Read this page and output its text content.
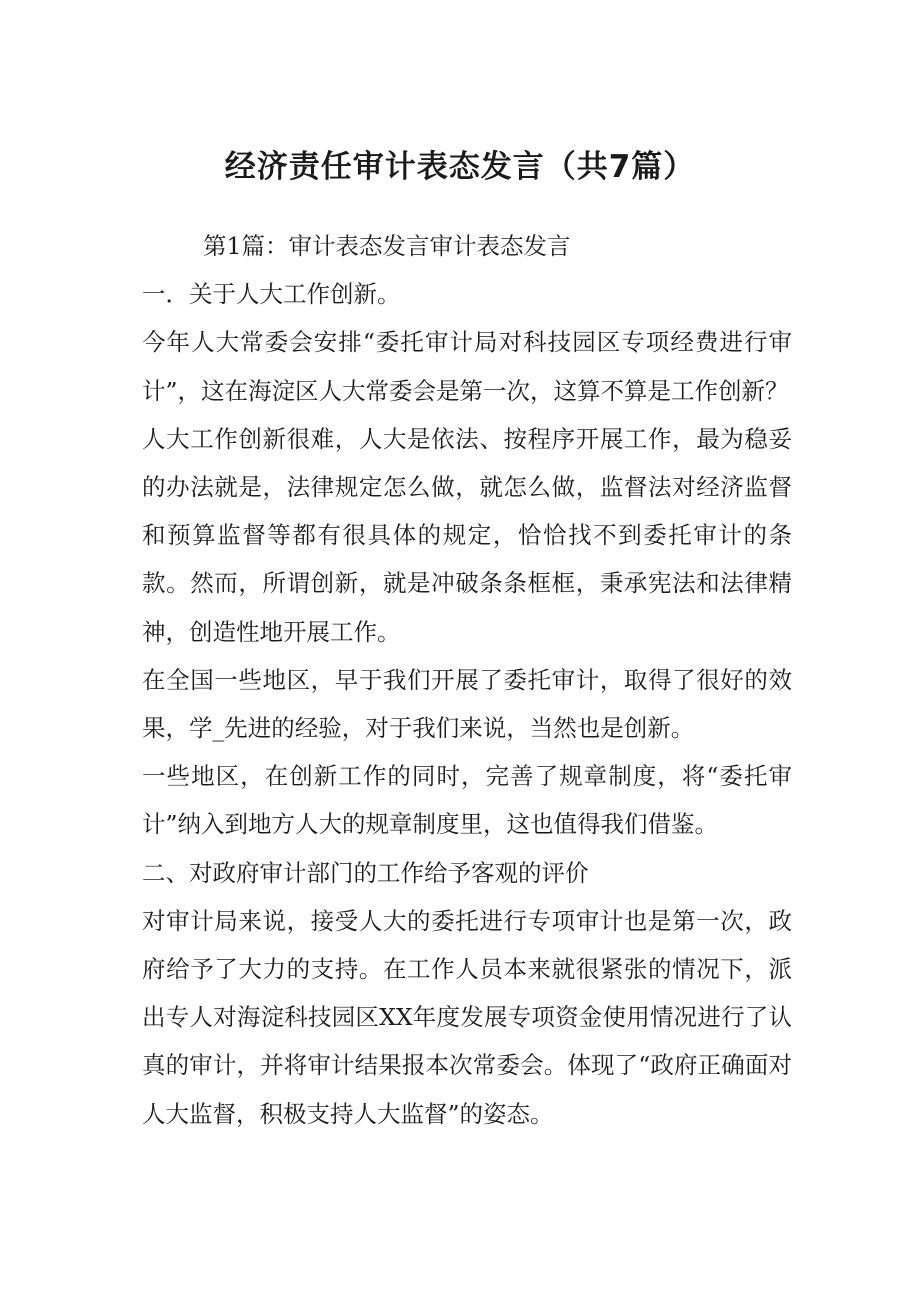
经济责任审计表态发言（共7篇）

第1篇：审计表态发言审计表态发言

一．关于人大工作创新。

今年人大常委会安排“委托审计局对科技园区专项经费进行审计”，这在海淀区人大常委会是第一次，这算不算是工作创新？

人大工作创新很难，人大是依法、按程序开展工作，最为稳妥的办法就是，法律规定怎么做，就怎么做，监督法对经济监督和预算监督等都有很具体的规定，恰恰找不到委托审计的条款。然而，所谓创新，就是冲破条条框框，秉承宪法和法律精神，创造性地开展工作。

在全国一些地区，早于我们开展了委托审计，取得了很好的效果，学_先进的经验，对于我们来说，当然也是创新。

一些地区，在创新工作的同时，完善了规章制度，将“委托审计”纳入到地方人大的规章制度里，这也值得我们借鉴。

二、对政府审计部门的工作给予客观的评价

对审计局来说，接受人大的委托进行专项审计也是第一次，政府给予了大力的支持。在工作人员本来就很紧张的情况下，派出专人对海淀科技园区XX年度发展专项资金使用情况进行了认真的审计，并将审计结果报本次常委会。体现了“政府正确面对人大监督，积极支持人大监督”的姿态。
